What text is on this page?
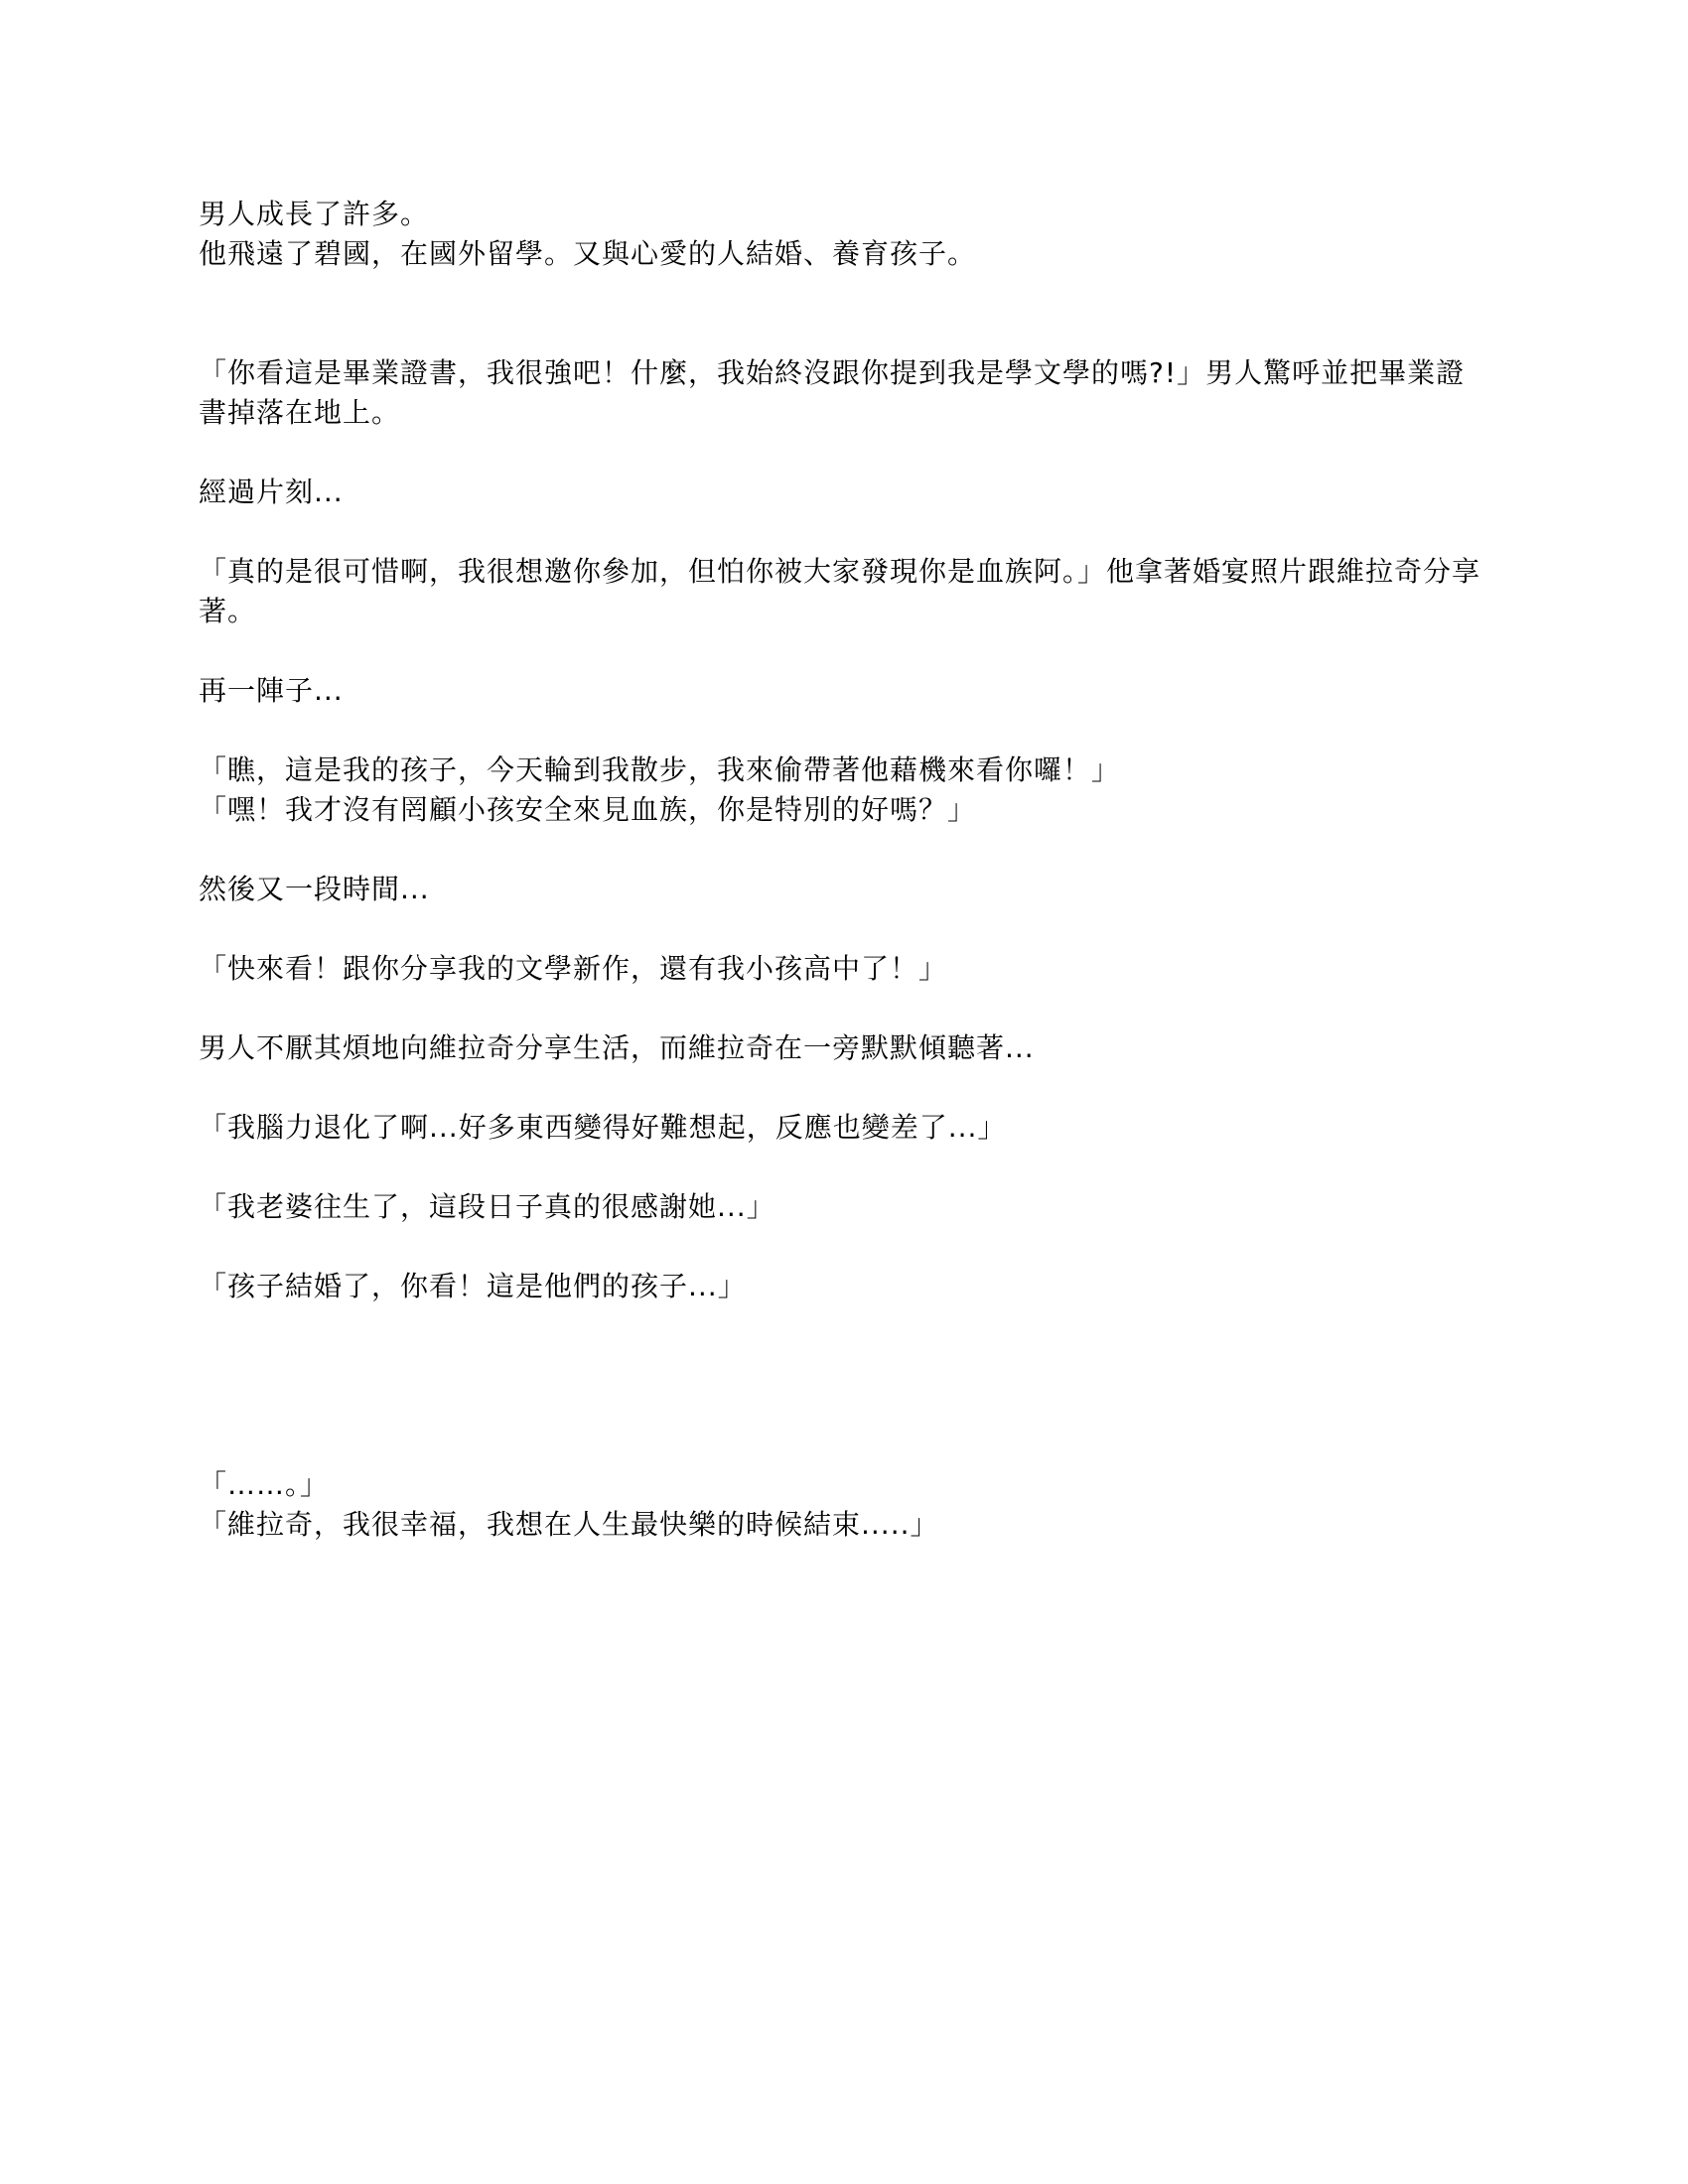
男人成長了許多。

他飛遠了碧國，在國外留學。又與心愛的人結婚、養育孩子。

「你看這是畢業證書，我很強吧！什麼，我始終沒跟你提到我是學文學的嗎?!」男人驚呼並把畢業證書掉落在地上。

經過片刻...

「真的是很可惜啊，我很想邀你參加，但怕你被大家發現你是血族阿。」他拿著婚宴照片跟維拉奇分享著。

再一陣子...

「瞧，這是我的孩子，今天輪到我散步，我來偷帶著他藉機來看你囉！」

「嘿！我才沒有罔顧小孩安全來見血族，你是特別的好嗎？」

然後又一段時間...

「快來看！跟你分享我的文學新作，還有我小孩高中了！」

男人不厭其煩地向維拉奇分享生活，而維拉奇在一旁默默傾聽著...

「我腦力退化了啊...好多東西變得好難想起，反應也變差了...」

「我老婆往生了，這段日子真的很感謝她...」

「孩子結婚了，你看！這是他們的孩子...」

「……。」

「維拉奇，我很幸福，我想在人生最快樂的時候結束.....」
